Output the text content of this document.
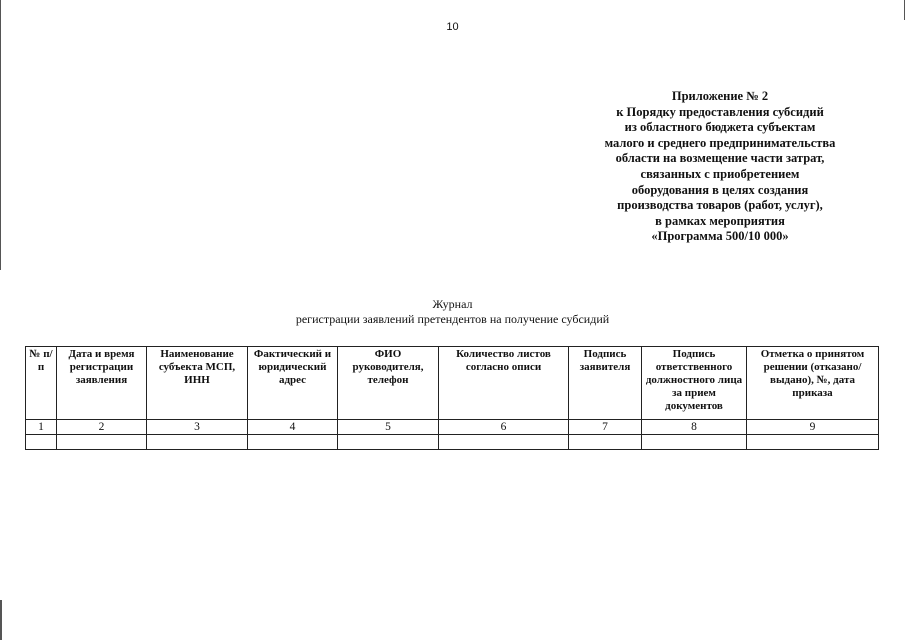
10
Приложение № 2
к Порядку предоставления субсидий
из областного бюджета субъектам
малого и среднего предпринимательства
области на возмещение части затрат,
связанных с приобретением
оборудования в целях создания
производства товаров (работ, услуг),
в рамках мероприятия
«Программа 500/10 000»
Журнал
регистрации заявлений претендентов на получение субсидий
№ п/п	Дата и время регистрации заявления	Наименование субъекта МСП, ИНН	Фактический и юридический адрес	ФИО руководителя, телефон	Количество листов согласно описи	Подпись заявителя	Подпись ответственного должностного лица за прием документов	Отметка о принятом решении (отказано/выдано), №, дата приказа
1	2	3	4	5	6	7	8	9
